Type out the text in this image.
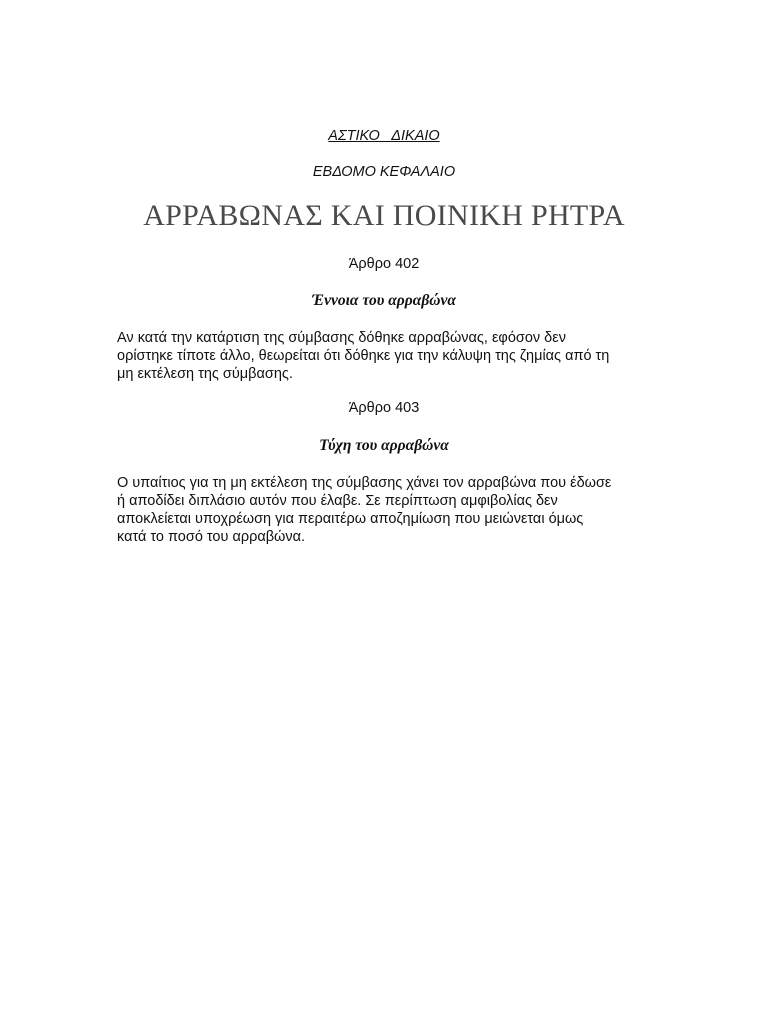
ΑΣΤΙΚΟ ΔΙΚΑΙΟ
ΕΒΔΟΜΟ ΚΕΦΑΛΑΙΟ
ΑΡΡΑΒΩΝΑΣ ΚΑΙ ΠΟΙΝΙΚΗ ΡΗΤΡΑ
Άρθρο 402
Έννοια του αρραβώνα
Αν κατά την κατάρτιση της σύμβασης δόθηκε αρραβώνας, εφόσον δεν
ορίστηκε τίποτε άλλο, θεωρείται ότι δόθηκε για την κάλυψη της ζημίας από τη
μη εκτέλεση της σύμβασης.
Άρθρο 403
Τύχη του αρραβώνα
Ο υπαίτιος για τη μη εκτέλεση της σύμβασης χάνει τον αρραβώνα που έδωσε
ή αποδίδει διπλάσιο αυτόν που έλαβε. Σε περίπτωση αμφιβολίας δεν
αποκλείεται υποχρέωση για περαιτέρω αποζημίωση που μειώνεται όμως
κατά το ποσό του αρραβώνα.
